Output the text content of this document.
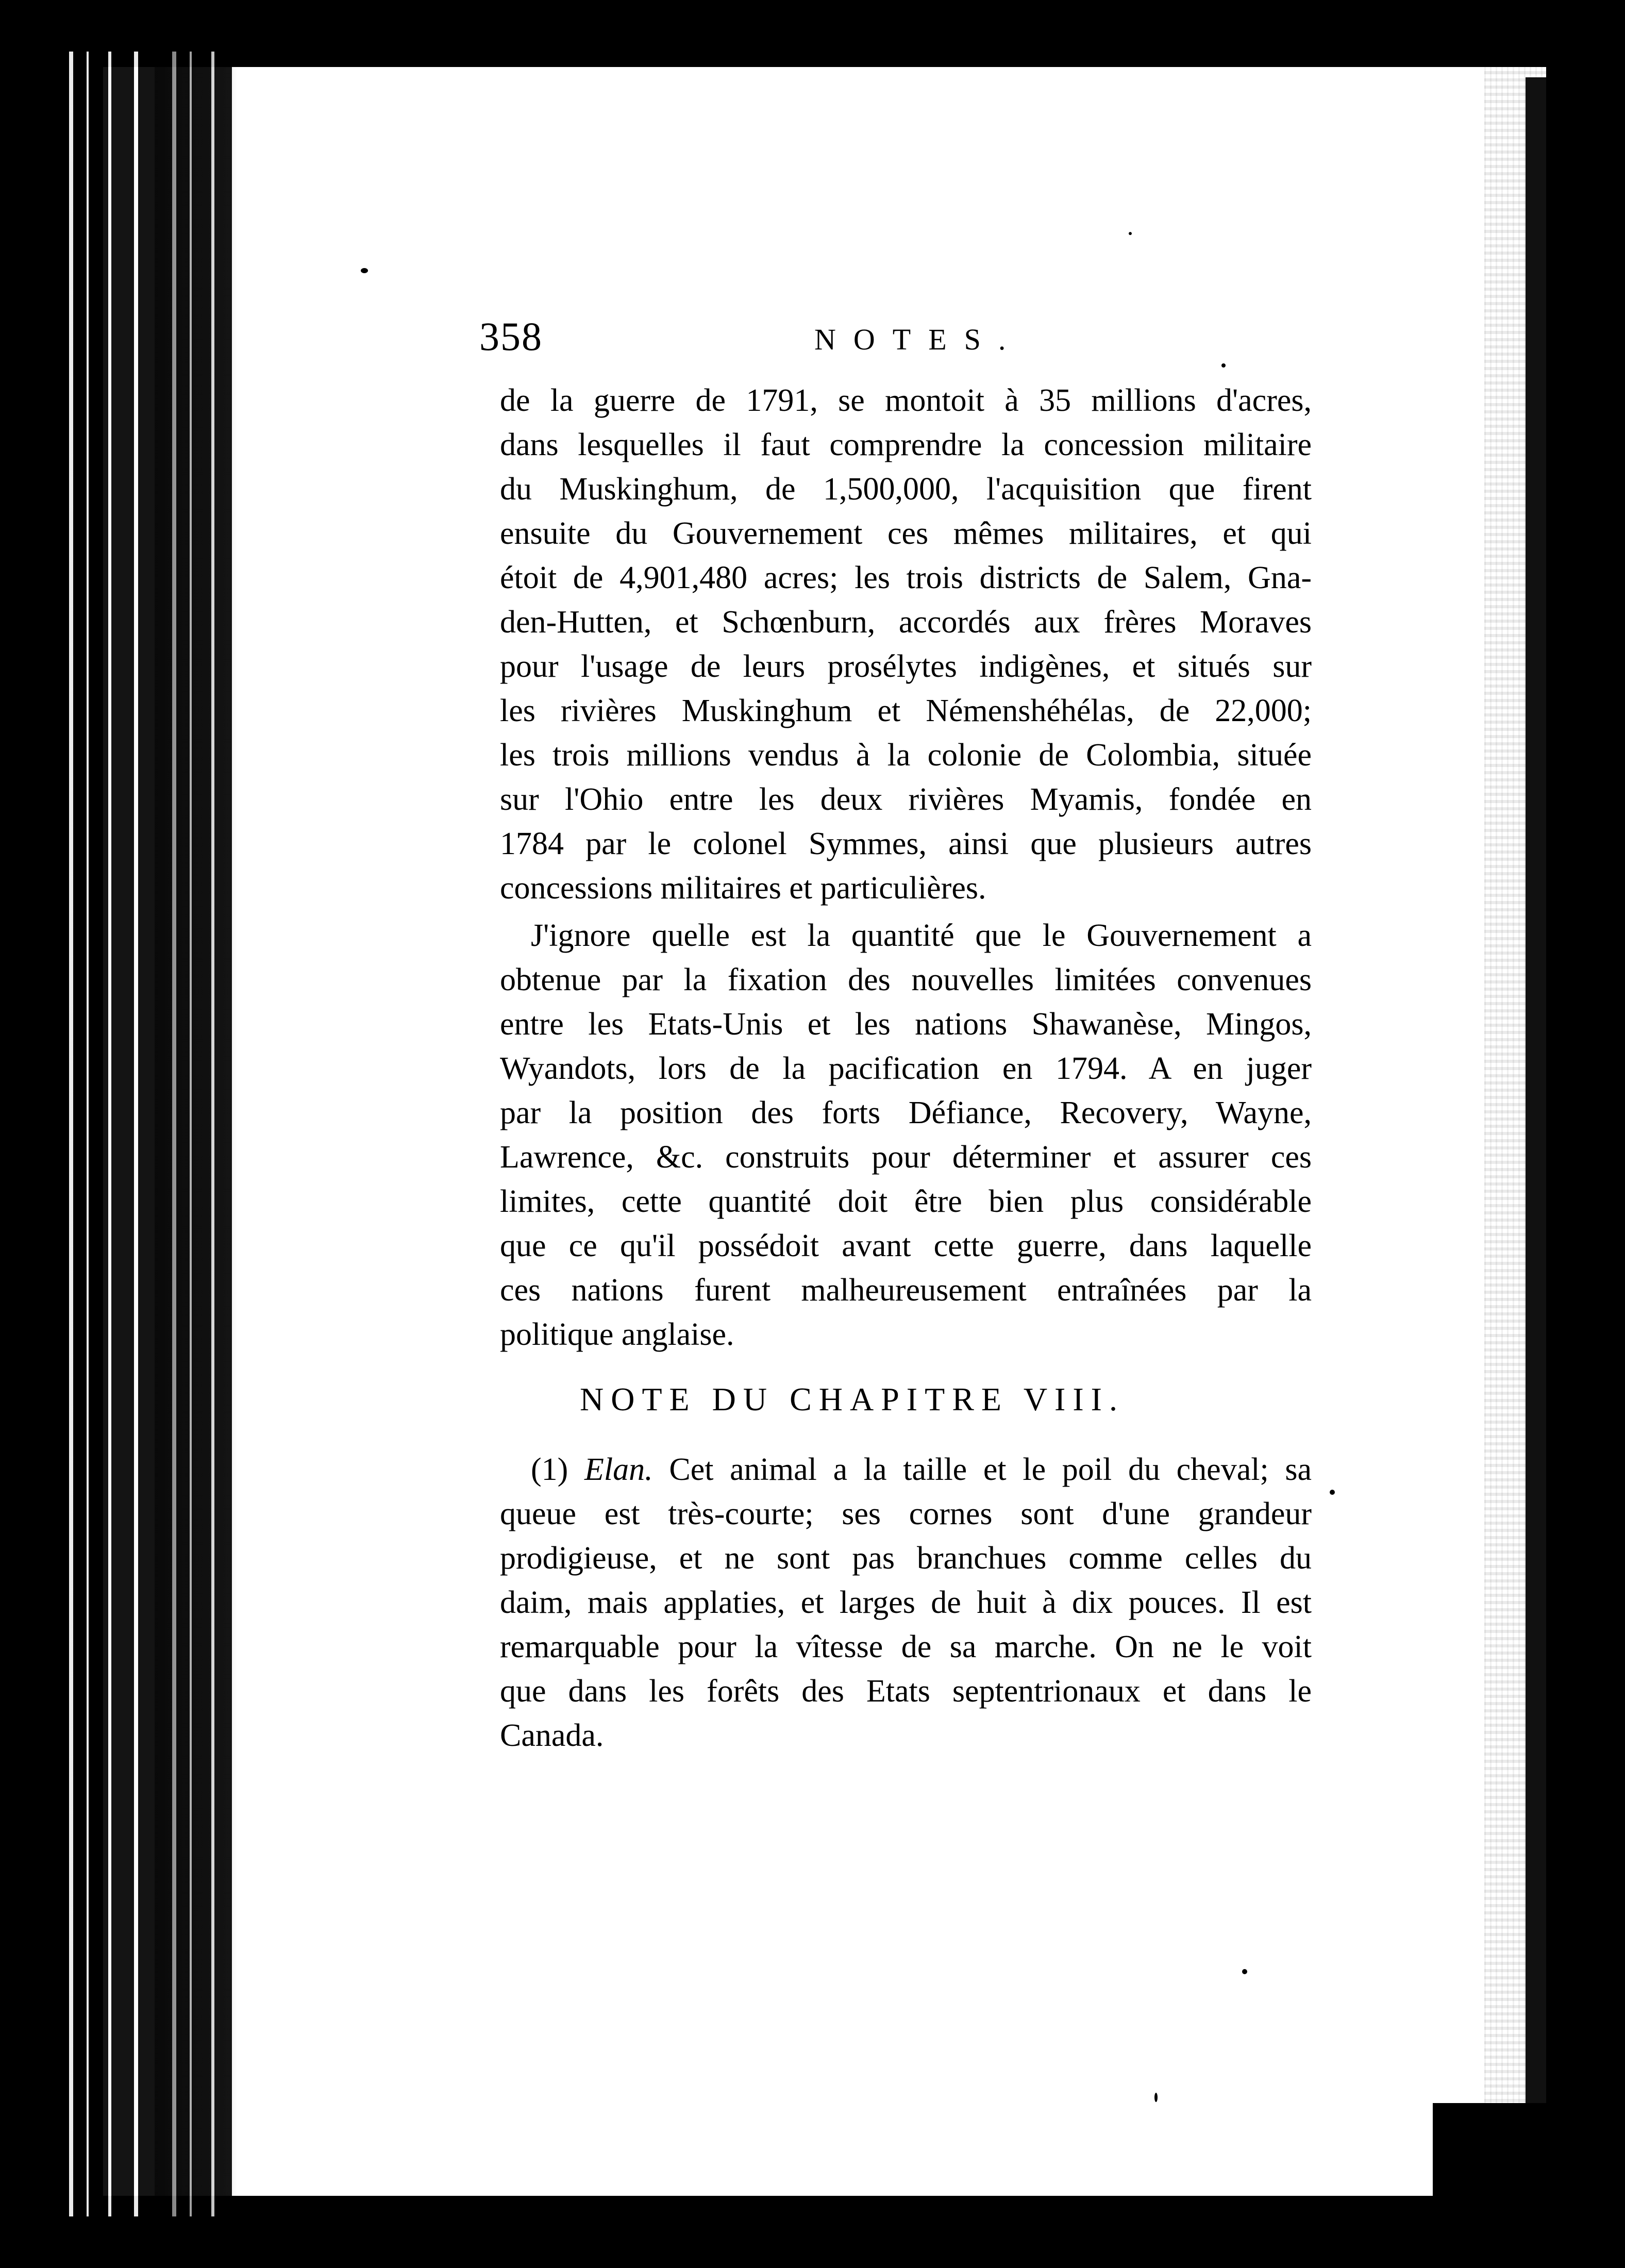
358	NOTES.
de la guerre de 1791, se montoit à 35 millions d'acres,
dans lesquelles il faut comprendre la concession militaire
du Muskinghum, de 1,500,000, l'acquisition que firent
ensuite du Gouvernement ces mêmes militaires, et qui
étoit de 4,901,480 acres; les trois districts de Salem, Gna-
den-Hutten, et Schœnburn, accordés aux frères Moraves
pour l'usage de leurs prosélytes indigènes, et situés sur
les rivières Muskinghum et Némenshéhélas, de 22,000;
les trois millions vendus à la colonie de Colombia, située
sur l'Ohio entre les deux rivières Myamis, fondée en
1784 par le colonel Symmes, ainsi que plusieurs autres
concessions militaires et particulières.
J'ignore quelle est la quantité que le Gouvernement a
obtenue par la fixation des nouvelles limitées convenues
entre les Etats-Unis et les nations Shawanèse, Mingos,
Wyandots, lors de la pacification en 1794. A en juger
par la position des forts Défiance, Recovery, Wayne,
Lawrence, &c. construits pour déterminer et assurer ces
limites, cette quantité doit être bien plus considérable
que ce qu'il possédoit avant cette guerre, dans laquelle
ces nations furent malheureusement entraînées par la
politique anglaise.
NOTE DU CHAPITRE VIII.
(1) Elan. Cet animal a la taille et le poil du cheval; sa
queue est très-courte; ses cornes sont d'une grandeur
prodigieuse, et ne sont pas branchues comme celles du
daim, mais applaties, et larges de huit à dix pouces. Il est
remarquable pour la vîtesse de sa marche. On ne le voit
que dans les forêts des Etats septentrionaux et dans le
Canada.
